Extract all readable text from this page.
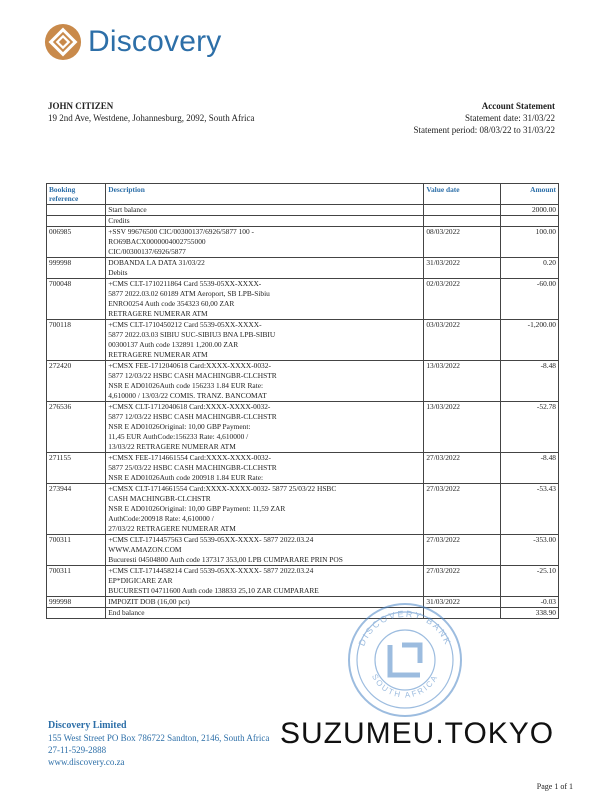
Discovery
JOHN CITIZEN
19 2nd Ave, Westdene, Johannesburg, 2092, South Africa
Account Statement
Statement date: 31/03/22
Statement period: 08/03/22 to 31/03/22
Booking reference	Description	Value date	Amount

	Start balance		2000.00

	Credits		

006985	+SSV 99676500 CIC/00300137/6926/5877 100 -
RO69BACX0000004002755000
CIC/00300137/6926/5877	08/03/2022	100.00
999998	DOBANDA LA DATA 31/03/22
Debits	31/03/2022	0.20
700048	+CMS CLT-1710211864 Card 5539-05XX-XXXX-
5877 2022.03.02 60189 ATM Aeroport, SB LPB-Sibiu
ENRO0254 Auth code 354323 60,00 ZAR
RETRAGERE NUMERAR ATM	02/03/2022	-60.00
700118	+CMS CLT-1710450212 Card 5539-05XX-XXXX-
5877 2022.03.03 SIBIU SUC-SIBIU3 BNA LPB-SIBIU
00300137 Auth code 132891 1,200.00 ZAR
RETRAGERE NUMERAR ATM	03/03/2022	-1,200.00
272420	+CMSX FEE-1712040618 Card:XXXX-XXXX-0032-
5877 12/03/22 HSBC CASH MACHINGBR-CLCHSTR
NSR E AD01026Auth code 156233 1.84 EUR Rate:
4,610000 / 13/03/22 COMIS. TRANZ. BANCOMAT	13/03/2022	-8.48
276536	+CMSX CLT-1712040618 Card:XXXX-XXXX-0032-
5877 12/03/22 HSBC CASH MACHINGBR-CLCHSTR
NSR E AD01026Original: 10,00 GBP Payment:
11,45 EUR AuthCode:156233 Rate: 4,610000 /
13/03/22 RETRAGERE NUMERAR ATM	13/03/2022	-52.78
271155	+CMSX FEE-1714661554 Card:XXXX-XXXX-0032-
5877 25/03/22 HSBC CASH MACHINGBR-CLCHSTR
NSR E AD01026Auth code 200918 1.84 EUR Rate:	27/03/2022	-8.48
273944	+CMSX CLT-1714661554 Card:XXXX-XXXX-0032- 5877 25/03/22 HSBC
CASH MACHINGBR-CLCHSTR
NSR E AD01026Original: 10,00 GBP Payment: 11,59 ZAR
AuthCode:200918 Rate: 4,610000 /
27/03/22 RETRAGERE NUMERAR ATM	27/03/2022	-53.43
700311	+CMS CLT-1714457563 Card 5539-05XX-XXXX- 5877 2022.03.24
WWW.AMAZON.COM
Bucuresti 04504800 Auth code 137317 353,00 LPB CUMPARARE PRIN POS	27/03/2022	-353.00
700311	+CMS CLT-1714458214 Card 5539-05XX-XXXX- 5877 2022.03.24
EP*DIGICARE ZAR
BUCURESTI 04711600 Auth code 138833 25,10 ZAR CUMPARARE	27/03/2022	-25.10
999998	IMPOZIT DOB (16,00 pct)	31/03/2022	-0.03

	End balance		338.90
DISCOVERY BANK
SOUTH AFRICA
Discovery Limited
155 West Street PO Box 786722 Sandton, 2146, South Africa
27-11-529-2888
www.discovery.co.za
SUZUMEU.TOKYO
Page 1 of 1
